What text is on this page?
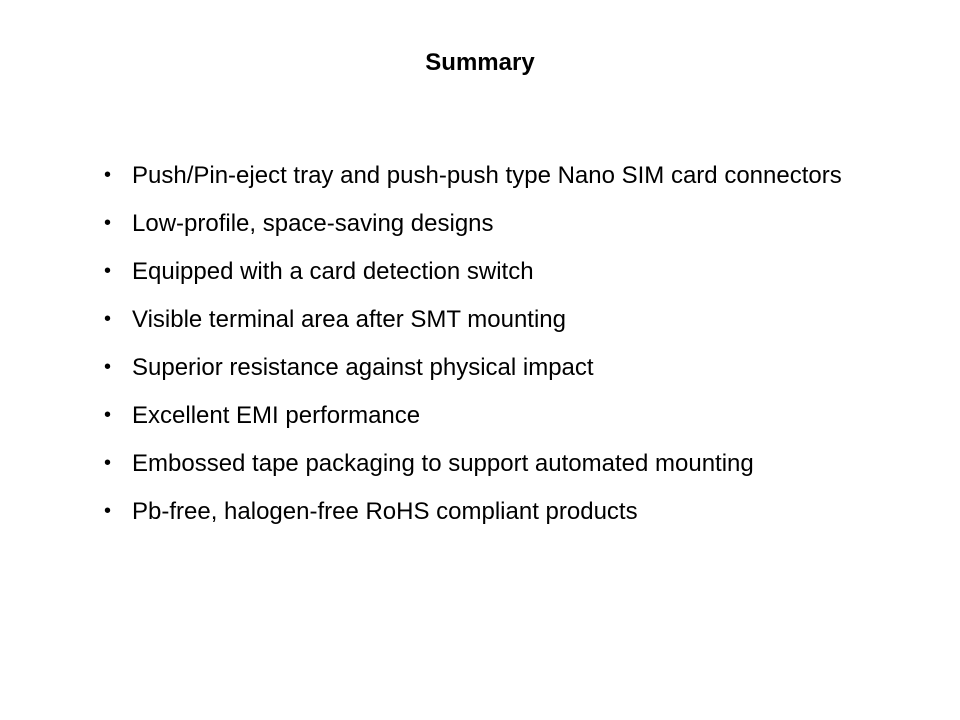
Summary
• Push/Pin-eject tray and push-push type Nano SIM card connectors
• Low-profile, space-saving designs
• Equipped with a card detection switch
• Visible terminal area after SMT mounting
• Superior resistance against physical impact
• Excellent EMI performance
• Embossed tape packaging to support automated mounting
• Pb-free, halogen-free RoHS compliant products
